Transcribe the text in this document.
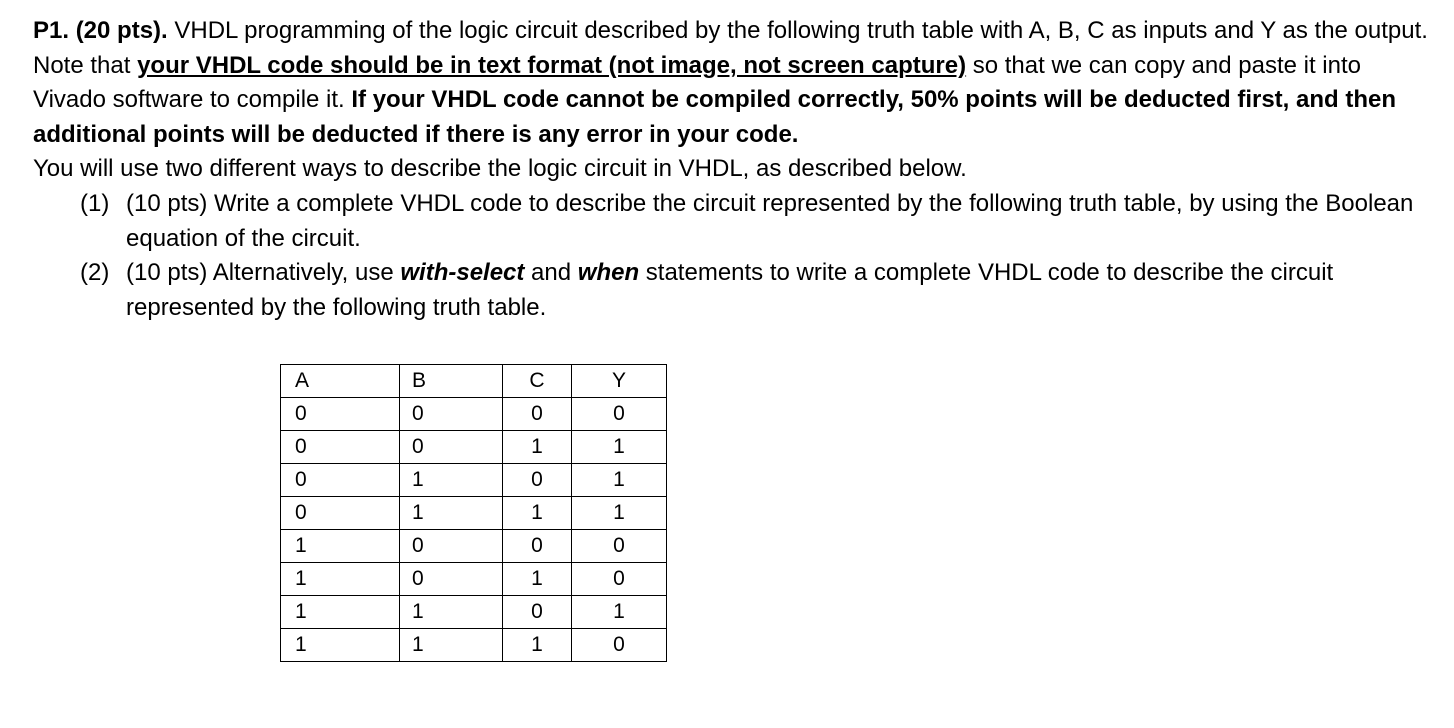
P1. (20 pts). VHDL programming of the logic circuit described by the following truth table with A, B, C as inputs and Y as the output. Note that your VHDL code should be in text format (not image, not screen capture) so that we can copy and paste it into Vivado software to compile it. If your VHDL code cannot be compiled correctly, 50% points will be deducted first, and then additional points will be deducted if there is any error in your code.

You will use two different ways to describe the logic circuit in VHDL, as described below.

(1) (10 pts) Write a complete VHDL code to describe the circuit represented by the following truth table, by using the Boolean equation of the circuit.
(2) (10 pts) Alternatively, use with-select and when statements to write a complete VHDL code to describe the circuit represented by the following truth table.
A	B	C	Y
0	0	0	0
0	0	1	1
0	1	0	1
0	1	1	1
1	0	0	0
1	0	1	0
1	1	0	1
1	1	1	0
